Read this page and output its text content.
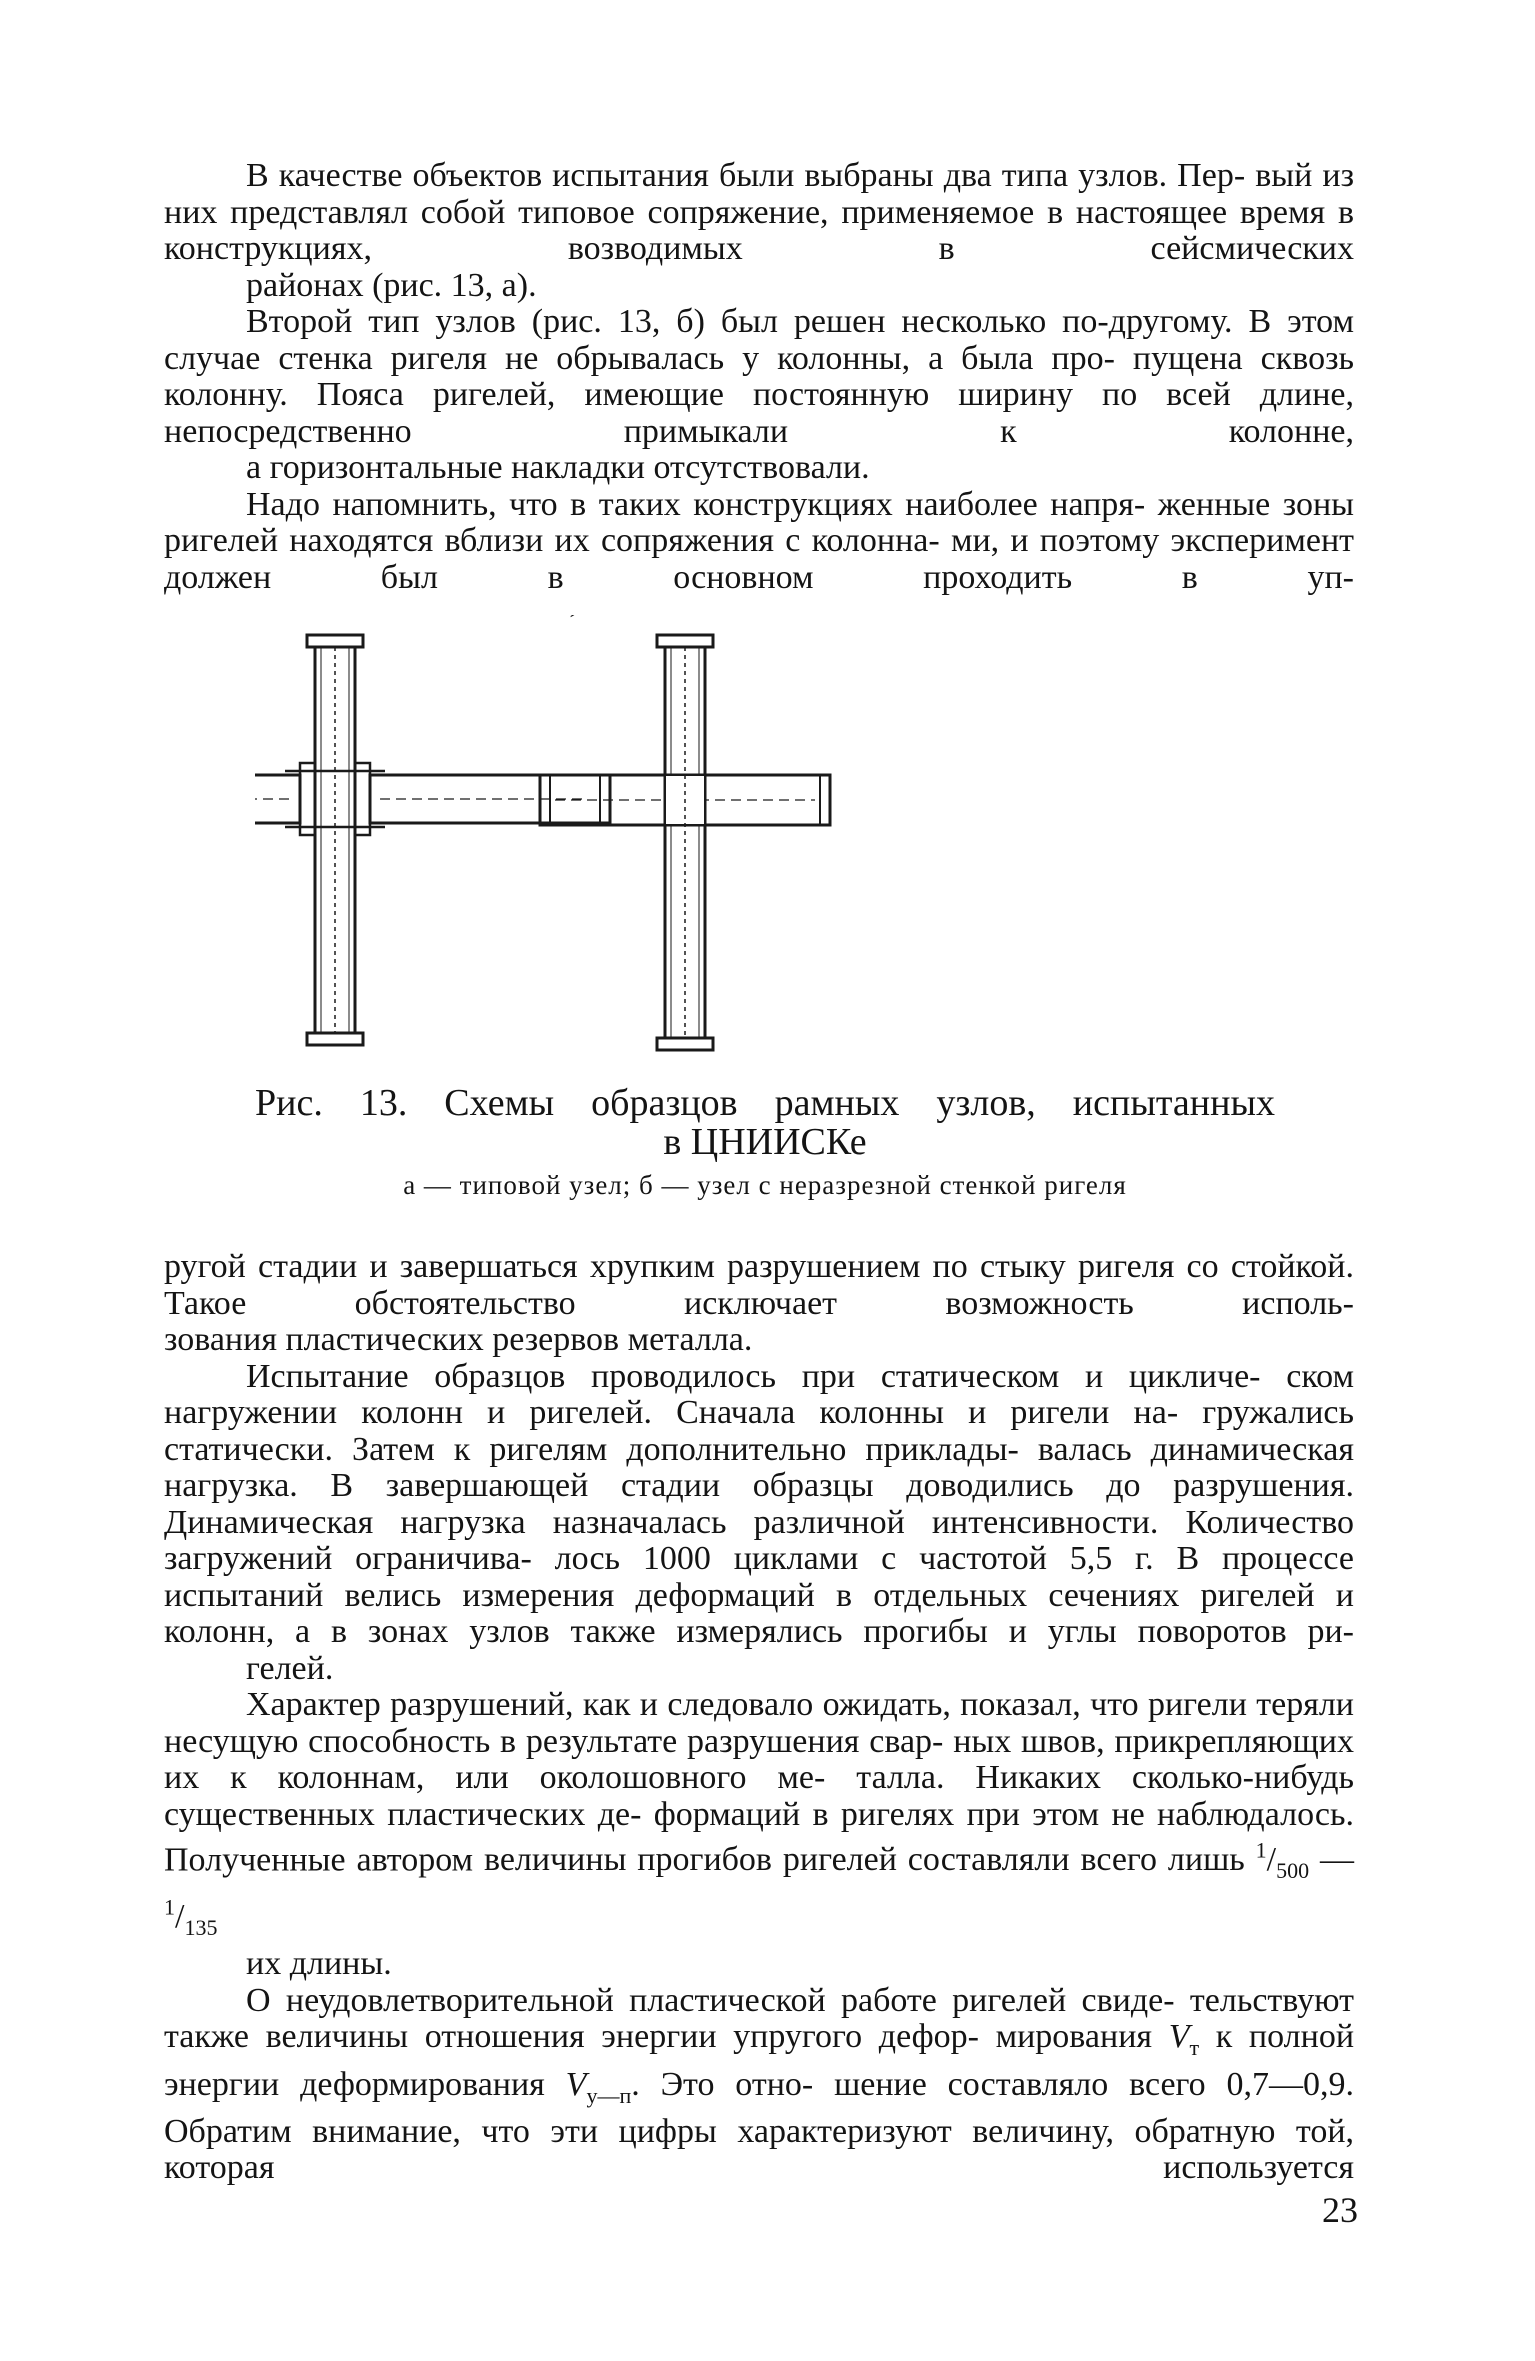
В качестве объектов испытания были выбраны два типа узлов. Пер- вый из них представлял собой типовое сопряжение, применяемое в настоящее время в конструкциях, возводимых в сейсмических
районах (рис. 13, а).

Второй тип узлов (рис. 13, б) был решен несколько по-другому. В этом случае стенка ригеля не обрывалась у колонны, а была про- пущена сквозь колонну. Пояса ригелей, имеющие постоянную ширину по всей длине, непосредственно примыкали к колонне,
а горизонтальные накладки отсутствовали.

Надо напомнить, что в таких конструкциях наиболее напря- женные зоны ригелей находятся вблизи их сопряжения с колонна- ми, и поэтому эксперимент должен был в основном проходить в уп-

Рис. 13. Схемы образцов рамных узлов, испытанных
в ЦНИИСКе
а — типовой узел; б — узел с неразрезной стенкой ригеля

ругой стадии и завершаться хрупким разрушением по стыку ригеля со стойкой. Такое обстоятельство исключает возможность исполь-
зования пластических резервов металла.

Испытание образцов проводилось при статическом и цикличе- ском нагружении колонн и ригелей. Сначала колонны и ригели на- гружались статически. Затем к ригелям дополнительно приклады- валась динамическая нагрузка. В завершающей стадии образцы доводились до разрушения. Динамическая нагрузка назначалась различной интенсивности. Количество загружений ограничива- лось 1000 циклами с частотой 5,5 г. В процессе испытаний велись измерения деформаций в отдельных сечениях ригелей и колонн, а в зонах узлов также измерялись прогибы и углы поворотов ри-
гелей.

Характер разрушений, как и следовало ожидать, показал, что ригели теряли несущую способность в результате разрушения свар- ных швов, прикрепляющих их к колоннам, или околошовного ме- талла. Никаких сколько-нибудь существенных пластических де- формаций в ригелях при этом не наблюдалось. Полученные автором величины прогибов ригелей составляли всего лишь $^1/_{500}$ — $^1/_{135}$
их длины.

О неудовлетворительной пластической работе ригелей свиде- тельствуют также величины отношения энергии упругого дефор- мирования $V_т$ к полной энергии деформирования $V_{у—п}$. Это отно- шение составляло всего 0,7—0,9. Обратим внимание, что эти цифры характеризуют величину, обратную той, которая используется

23
